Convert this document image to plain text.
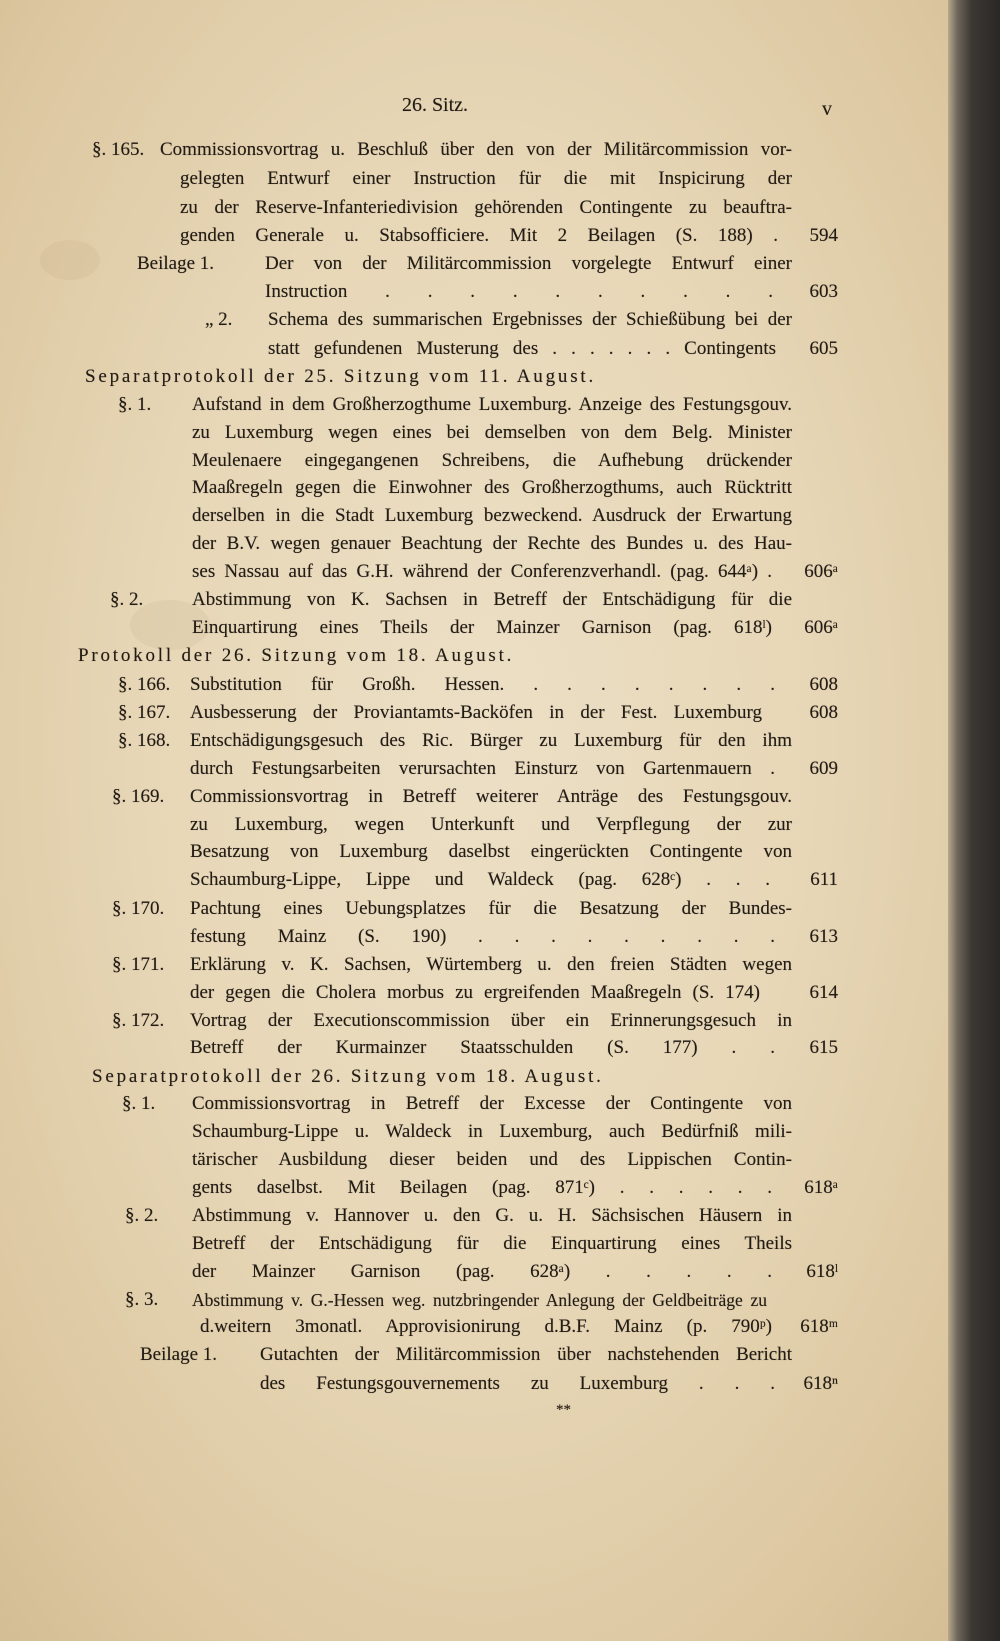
26. Sitz.	v
§. 165. Commissionsvortrag u. Beschluß über den von der Militärcommission vor-
gelegten Entwurf einer Instruction für die mit Inspicirung der
zu der Reserve-Infanteriedivision gehörenden Contingente zu beauftra-
genden Generale u. Stabsofficiere. Mit 2 Beilagen (S. 188) .	594
Beilage 1.	Der von der Militärcommission vorgelegte Entwurf einer
Instruction . . . . . . . . . .	603
„ 2. Schema des summarischen Ergebnisses der Schießübung bei der
statt gefundenen Musterung des . . . . . . . Contingents	605
Separatprotokoll der 25. Sitzung vom 11. August.
§. 1. Aufstand in dem Großherzogthume Luxemburg. Anzeige des Festungsgouv.
zu Luxemburg wegen eines bei demselben von dem Belg. Minister
Meulenaere eingegangenen Schreibens, die Aufhebung drückender
Maaßregeln gegen die Einwohner des Großherzogthums, auch Rücktritt
derselben in die Stadt Luxemburg bezweckend. Ausdruck der Erwartung
der B.V. wegen genauer Beachtung der Rechte des Bundes u. des Hau-
ses Nassau auf das G.H. während der Conferenzverhandl. (pag. 644ᵃ) .	606ᵃ
§. 2.	Abstimmung von K. Sachsen in Betreff der Entschädigung für die
Einquartirung eines Theils der Mainzer Garnison (pag. 618ˡ)	606ᵃ
Protokoll der 26. Sitzung vom 18. August.
§. 166. Substitution für Großh. Hessen. . . . . . . . .	608
§. 167. Ausbesserung der Proviantamts-Backöfen in der Fest. Luxemburg	608
§. 168. Entschädigungsgesuch des Ric. Bürger zu Luxemburg für den ihm
durch Festungsarbeiten verursachten Einsturz von Gartenmauern .	609
§. 169. Commissionsvortrag in Betreff weiterer Anträge des Festungsgouv.
zu Luxemburg, wegen Unterkunft und Verpflegung der zur
Besatzung von Luxemburg daselbst eingerückten Contingente von
Schaumburg-Lippe, Lippe und Waldeck (pag. 628ᶜ) . . .	611
§. 170. Pachtung eines Uebungsplatzes für die Besatzung der Bundes-
festung Mainz (S. 190) . . . . . . . . .	613
§. 171. Erklärung v. K. Sachsen, Würtemberg u. den freien Städten wegen
der gegen die Cholera morbus zu ergreifenden Maaßregeln (S. 174)	614
§. 172. Vortrag der Executionscommission über ein Erinnerungsgesuch in
Betreff der Kurmainzer Staatsschulden (S. 177) . .	615
Separatprotokoll der 26. Sitzung vom 18. August.
§. 1. Commissionsvortrag in Betreff der Excesse der Contingente von
Schaumburg-Lippe u. Waldeck in Luxemburg, auch Bedürfniß mili-
tärischer Ausbildung dieser beiden und des Lippischen Contin-
gents daselbst. Mit Beilagen (pag. 871ᶜ) . . . . . .	618ᵃ
§. 2. Abstimmung v. Hannover u. den G. u. H. Sächsischen Häusern in
Betreff der Entschädigung für die Einquartirung eines Theils
der Mainzer Garnison (pag. 628ᵃ) . . . . .	618ˡ
§. 3. Abstimmung v. G.-Hessen weg. nutzbringender Anlegung der Geldbeiträge zu
d.weitern 3monatl. Approvisionirung d.B.F. Mainz (p. 790ᵖ)	618ᵐ
Beilage 1. Gutachten der Militärcommission über nachstehenden Bericht
des Festungsgouvernements zu Luxemburg . . .	618ⁿ
**
